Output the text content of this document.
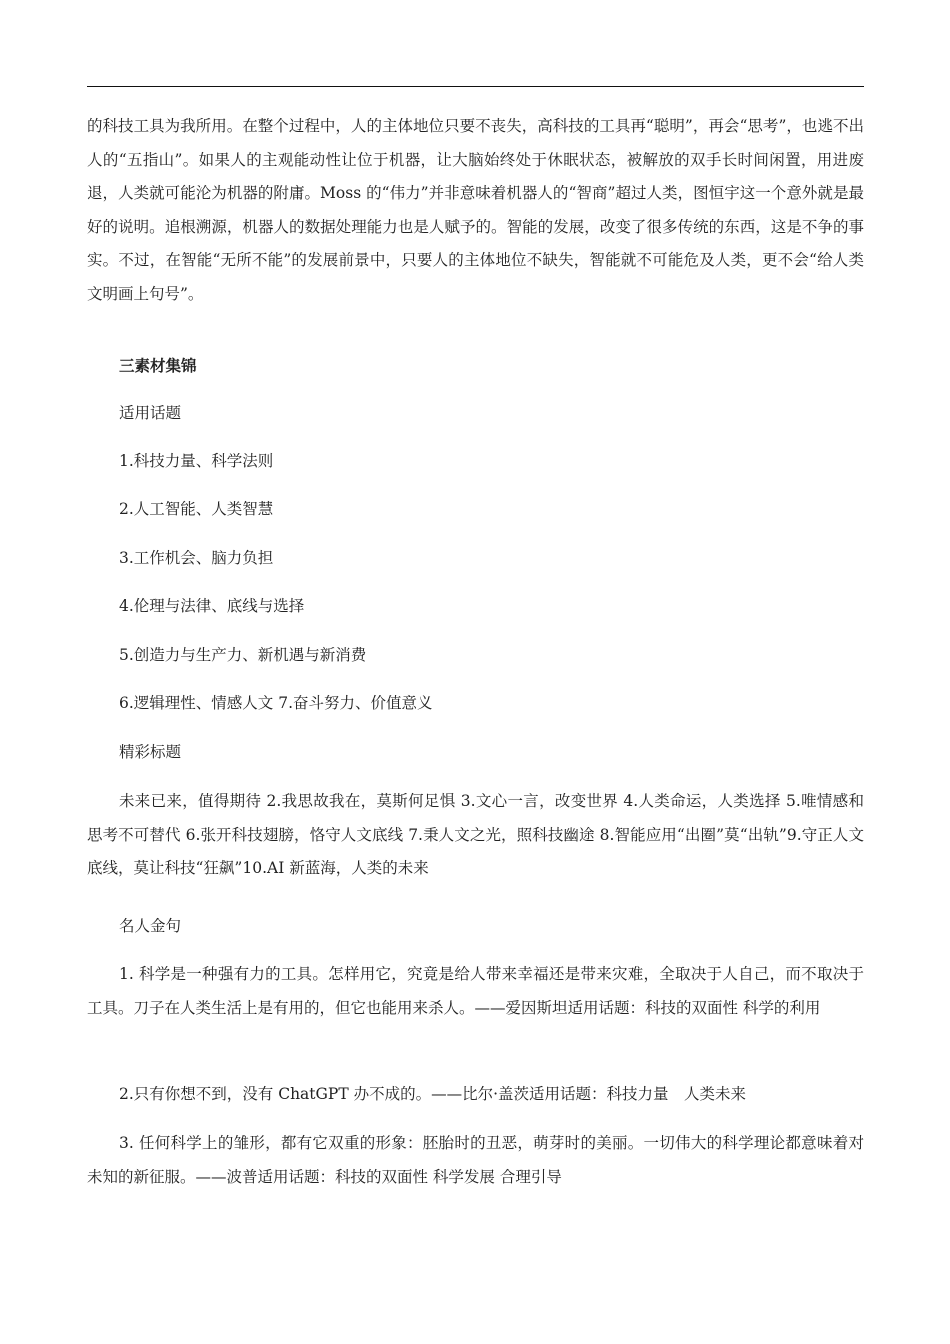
的科技工具为我所用。在整个过程中，人的主体地位只要不丧失，高科技的工具再“聪明”，再会“思考”，也逃不出人的“五指山”。如果人的主观能动性让位于机器，让大脑始终处于休眠状态，被解放的双手长时间闲置，用进废退，人类就可能沦为机器的附庸。Moss 的“伟力”并非意味着机器人的“智商”超过人类，图恒宇这一个意外就是最好的说明。追根溯源，机器人的数据处理能力也是人赋予的。智能的发展，改变了很多传统的东西，这是不争的事实。不过，在智能“无所不能”的发展前景中，只要人的主体地位不缺失，智能就不可能危及人类，更不会“给人类文明画上句号”。

三素材集锦

适用话题

1.科技力量、科学法则

2.人工智能、人类智慧

3.工作机会、脑力负担

4.伦理与法律、底线与选择

5.创造力与生产力、新机遇与新消费

6.逻辑理性、情感人文 7.奋斗努力、价值意义

精彩标题

未来已来，值得期待 2.我思故我在，莫斯何足惧 3.文心一言，改变世界 4.人类命运，人类选择 5.唯情感和思考不可替代 6.张开科技翅膀，恪守人文底线 7.秉人文之光，照科技幽途 8.智能应用“出圈”莫“出轨”9.守正人文底线，莫让科技“狂飙”10.AI 新蓝海，人类的未来

名人金句

1. 科学是一种强有力的工具。怎样用它，究竟是给人带来幸福还是带来灾难，全取决于人自己，而不取决于工具。刀子在人类生活上是有用的，但它也能用来杀人。——爱因斯坦适用话题：科技的双面性 科学的利用

2.只有你想不到，没有 ChatGPT 办不成的。——比尔·盖茨适用话题：科技力量　人类未来

3. 任何科学上的雏形，都有它双重的形象：胚胎时的丑恶，萌芽时的美丽。一切伟大的科学理论都意味着对未知的新征服。——波普适用话题：科技的双面性 科学发展 合理引导
